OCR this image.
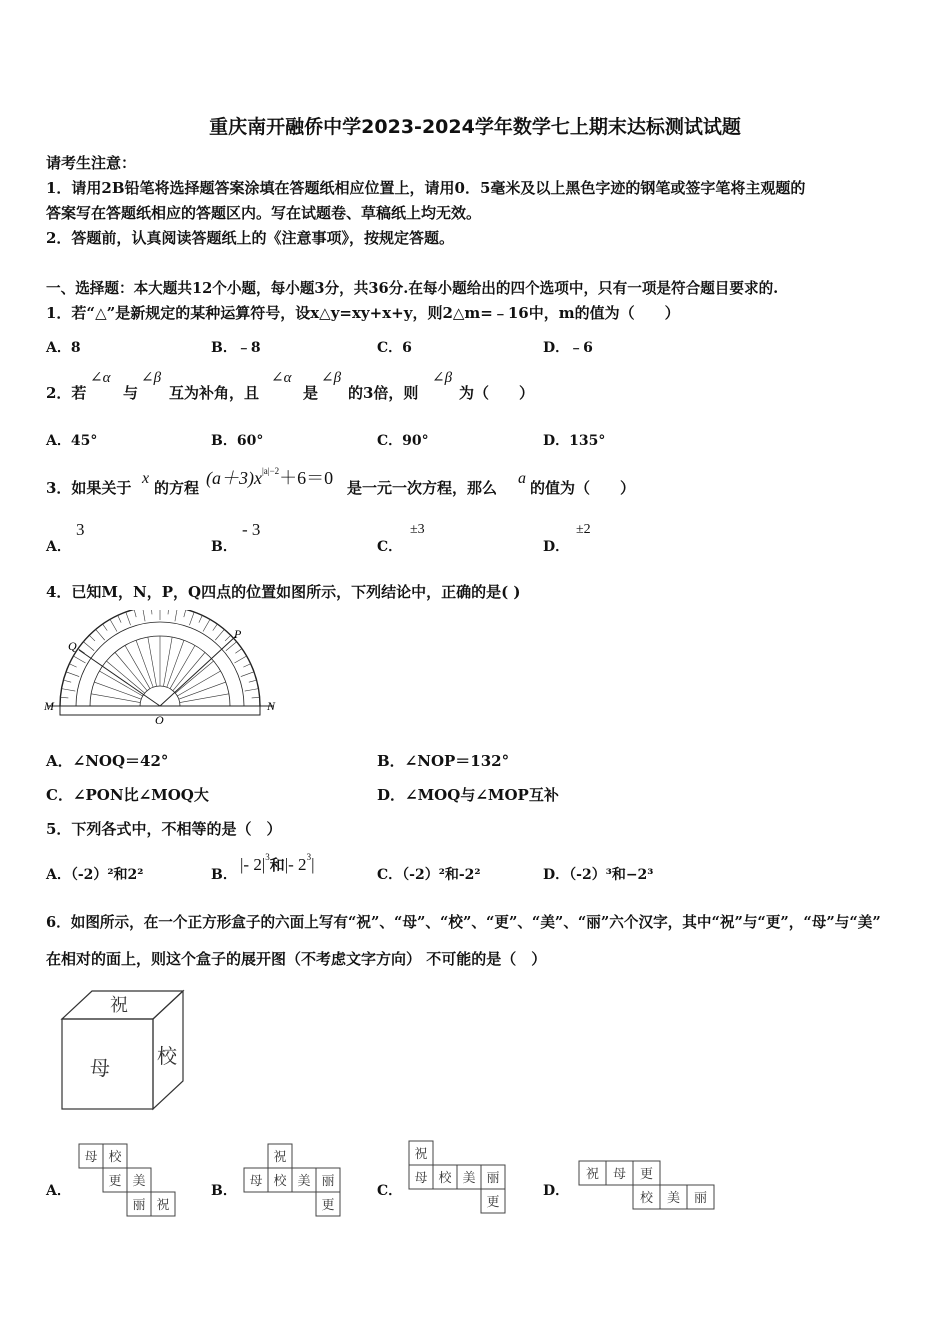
重庆南开融侨中学2023-2024学年数学七上期末达标测试试题
请考生注意：
1．请用2B铅笔将选择题答案涂填在答题纸相应位置上，请用0．5毫米及以上黑色字迹的钢笔或签字笔将主观题的
答案写在答题纸相应的答题区内。写在试题卷、草稿纸上均无效。
2．答题前，认真阅读答题纸上的《注意事项》，按规定答题。
一、选择题：本大题共12个小题，每小题3分，共36分.在每小题给出的四个选项中，只有一项是符合题目要求的.
1．若“△”是新规定的某种运算符号，设x△y=xy+x+y，则2△m=﹣16中，m的值为（　　）
A．8	B．﹣8	C．6	D．﹣6
2．若
∠α
与
∠β
互为补角，且
∠α
是
∠β
的3倍，则
∠β
为（　　）
A．45°	B．60°	C．90°	D．135°
3．如果关于
x
的方程 $(a+3)x^{|a|-2}+6=0$ 是一元一次方程，那么
a
的值为（　　）
A．
3
B．
- 3
C．
±3
D．
±2
4．已知M，N，P，Q四点的位置如图所示，下列结论中，正确的是( )
M	N
P
Q
O
A．∠NOQ＝42°	B．∠NOP＝132°
C．∠PON比∠MOQ大	D．∠MOQ与∠MOP互补
5．下列各式中，不相等的是（　）
A．（-2）²和2²	B．
|- $2|^3$和|- $2^3|$
C．（-2）²和-2²	D．（-2）³和−2³
6．如图所示，在一个正方形盒子的六面上写有“祝”、“母”、“校”、“更”、“美”、“丽”六个汉字，其中“祝”与“更”，“母”与“美”
在相对的面上，则这个盒子的展开图（不考虑文字方向） 不可能的是（　）
祝
母 校
A．
母 校
更 美
丽 祝
B．
祝
母 校 美 丽
更
C．
祝
母 校 美 丽
更
D．
祝 母 更
校 美 丽
